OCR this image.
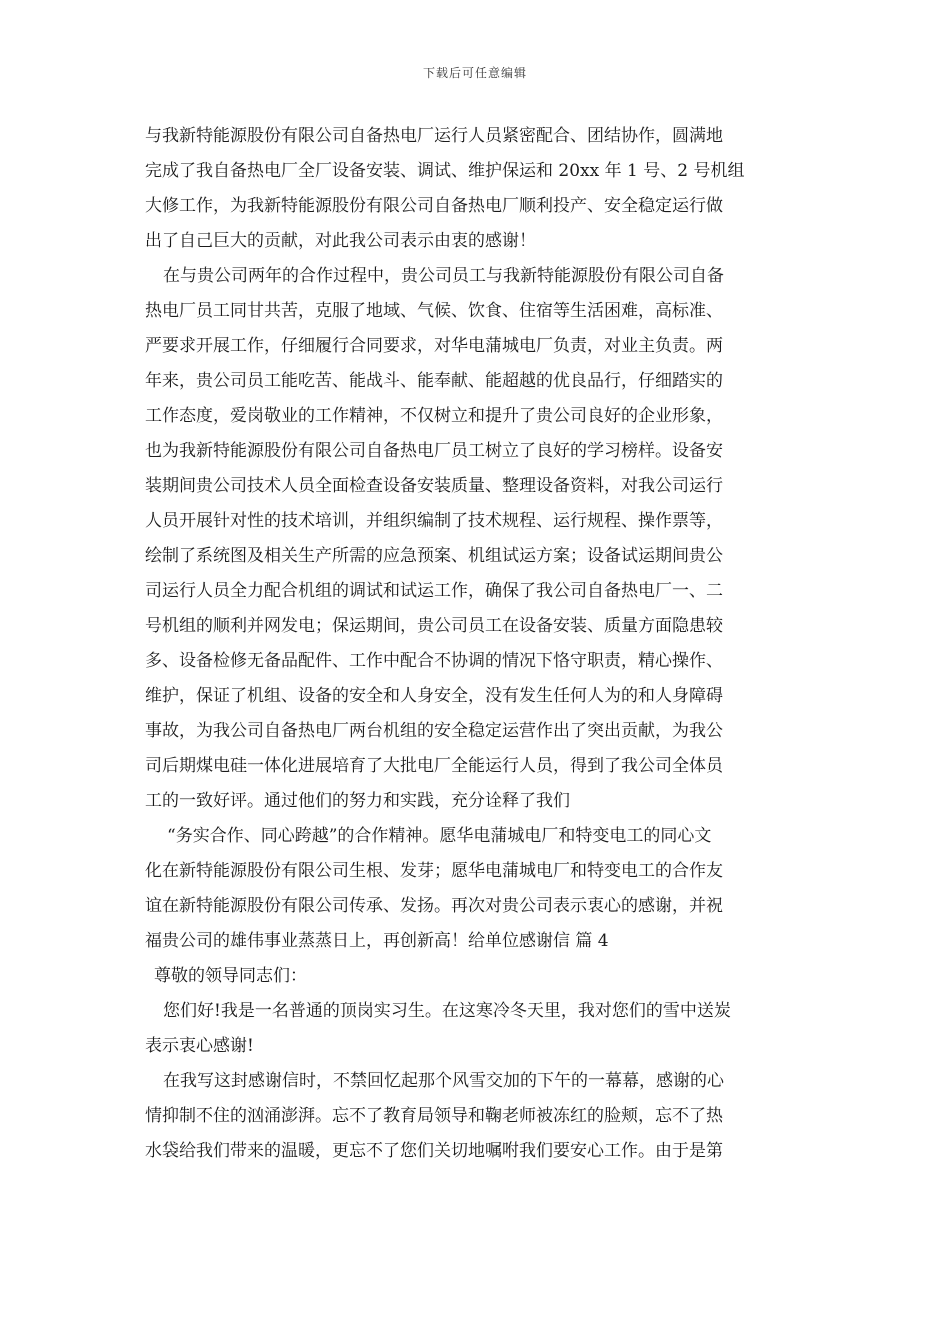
下载后可任意编辑
与我新特能源股份有限公司自备热电厂运行人员紧密配合、团结协作，圆满地
完成了我自备热电厂全厂设备安装、调试、维护保运和 20xx 年 1 号、2 号机组
大修工作，为我新特能源股份有限公司自备热电厂顺利投产、安全稳定运行做
出了自己巨大的贡献，对此我公司表示由衷的感谢！
在与贵公司两年的合作过程中，贵公司员工与我新特能源股份有限公司自备
热电厂员工同甘共苦，克服了地域、气候、饮食、住宿等生活困难，高标准、
严要求开展工作，仔细履行合同要求，对华电蒲城电厂负责，对业主负责。两
年来，贵公司员工能吃苦、能战斗、能奉献、能超越的优良品行，仔细踏实的
工作态度，爱岗敬业的工作精神，不仅树立和提升了贵公司良好的企业形象，
也为我新特能源股份有限公司自备热电厂员工树立了良好的学习榜样。设备安
装期间贵公司技术人员全面检查设备安装质量、整理设备资料，对我公司运行
人员开展针对性的技术培训，并组织编制了技术规程、运行规程、操作票等，
绘制了系统图及相关生产所需的应急预案、机组试运方案；设备试运期间贵公
司运行人员全力配合机组的调试和试运工作，确保了我公司自备热电厂一、二
号机组的顺利并网发电；保运期间，贵公司员工在设备安装、质量方面隐患较
多、设备检修无备品配件、工作中配合不协调的情况下恪守职责，精心操作、
维护，保证了机组、设备的安全和人身安全，没有发生任何人为的和人身障碍
事故，为我公司自备热电厂两台机组的安全稳定运营作出了突出贡献，为我公
司后期煤电硅一体化进展培育了大批电厂全能运行人员，得到了我公司全体员
工的一致好评。通过他们的努力和实践，充分诠释了我们
“务实合作、同心跨越”的合作精神。愿华电蒲城电厂和特变电工的同心文
化在新特能源股份有限公司生根、发芽；愿华电蒲城电厂和特变电工的合作友
谊在新特能源股份有限公司传承、发扬。再次对贵公司表示衷心的感谢，并祝
福贵公司的雄伟事业蒸蒸日上，再创新高！给单位感谢信 篇 4
尊敬的领导同志们：
您们好!我是一名普通的顶岗实习生。在这寒冷冬天里，我对您们的雪中送炭
表示衷心感谢!
在我写这封感谢信时，不禁回忆起那个风雪交加的下午的一幕幕，感谢的心
情抑制不住的汹涌澎湃。忘不了教育局领导和鞠老师被冻红的脸颊，忘不了热
水袋给我们带来的温暖，更忘不了您们关切地嘱咐我们要安心工作。由于是第
